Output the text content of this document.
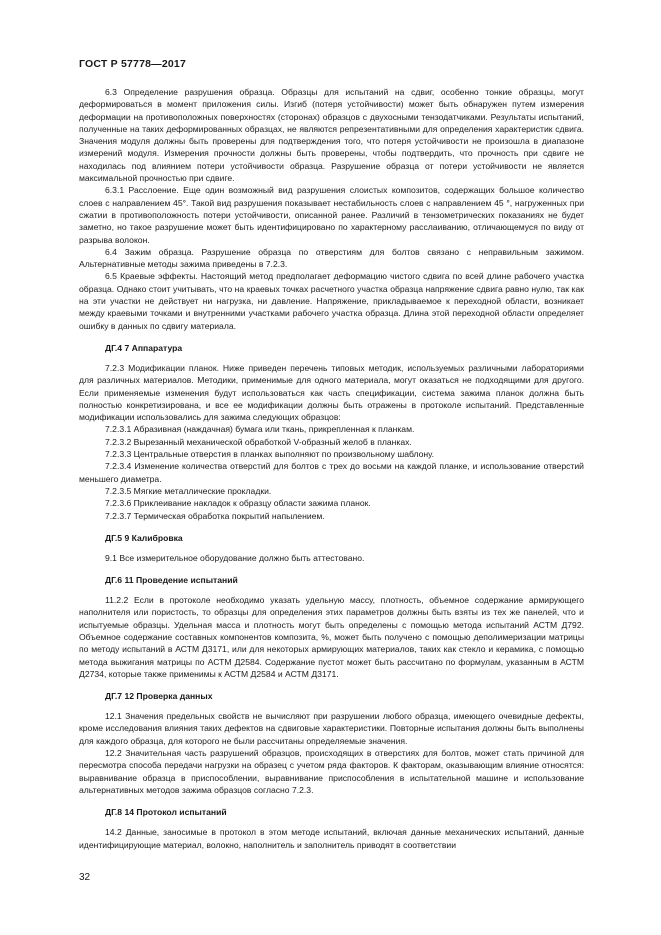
ГОСТ Р 57778—2017

6.3 Определение разрушения образца. Образцы для испытаний на сдвиг, особенно тонкие образцы, могут деформироваться в момент приложения силы. Изгиб (потеря устойчивости) может быть обнаружен путем измерения деформации на противоположных поверхностях (сторонах) образцов с двухосными тензодатчиками. Результаты испытаний, полученные на таких деформированных образцах, не являются репрезентативными для определения характеристик сдвига. Значения модуля должны быть проверены для подтверждения того, что потеря устойчивости не произошла в диапазоне измерений модуля. Измерения прочности должны быть проверены, чтобы подтвердить, что прочность при сдвиге не находилась под влиянием потери устойчивости образца. Разрушение образца от потери устойчивости не является максимальной прочностью при сдвиге.

6.3.1 Расслоение. Еще один возможный вид разрушения слоистых композитов, содержащих большое количество слоев с направлением 45°. Такой вид разрушения показывает нестабильность слоев с направлением 45 °, нагруженных при сжатии в противоположность потери устойчивости, описанной ранее. Различий в тензометрических показаниях не будет заметно, но такое разрушение может быть идентифицировано по характерному расслаиванию, отличающемуся по виду от разрыва волокон.

6.4 Зажим образца. Разрушение образца по отверстиям для болтов связано с неправильным зажимом. Альтернативные методы зажима приведены в 7.2.3.

6.5 Краевые эффекты. Настоящий метод предполагает деформацию чистого сдвига по всей длине рабочего участка образца. Однако стоит учитывать, что на краевых точках расчетного участка образца напряжение сдвига равно нулю, так как на эти участки не действует ни нагрузка, ни давление. Напряжение, прикладываемое к переходной области, возникает между краевыми точками и внутренними участками рабочего участка образца. Длина этой переходной области определяет ошибку в данных по сдвигу материала.

ДГ.4 7 Аппаратура

7.2.3 Модификации планок. Ниже приведен перечень типовых методик, используемых различными лабораториями для различных материалов. Методики, применимые для одного материала, могут оказаться не подходящими для другого. Если применяемые изменения будут использоваться как часть спецификации, система зажима планок должна быть полностью конкретизирована, и все ее модификации должны быть отражены в протоколе испытаний. Представленные модификации использовались для зажима следующих образцов:

7.2.3.1 Абразивная (наждачная) бумага или ткань, прикрепленная к планкам.

7.2.3.2 Вырезанный механической обработкой V-образный желоб в планках.

7.2.3.3 Центральные отверстия в планках выполняют по произвольному шаблону.

7.2.3.4 Изменение количества отверстий для болтов с трех до восьми на каждой планке, и использование отверстий меньшего диаметра.

7.2.3.5 Мягкие металлические прокладки.

7.2.3.6 Приклеивание накладок к образцу области зажима планок.

7.2.3.7 Термическая обработка покрытий напылением.

ДГ.5 9 Калибровка

9.1 Все измерительное оборудование должно быть аттестовано.

ДГ.6 11 Проведение испытаний

11.2.2 Если в протоколе необходимо указать удельную массу, плотность, объемное содержание армирующего наполнителя или пористость, то образцы для определения этих параметров должны быть взяты из тех же панелей, что и испытуемые образцы. Удельная масса и плотность могут быть определены с помощью метода испытаний АСТМ Д792. Объемное содержание составных компонентов композита, %, может быть получено с помощью деполимеризации матрицы по методу испытаний в АСТМ Д3171, или для некоторых армирующих материалов, таких как стекло и керамика, с помощью метода выжигания матрицы по АСТМ Д2584. Содержание пустот может быть рассчитано по формулам, указанным в АСТМ Д2734, которые также применимы к АСТМ Д2584 и АСТМ Д3171.

ДГ.7 12 Проверка данных

12.1 Значения предельных свойств не вычисляют при разрушении любого образца, имеющего очевидные дефекты, кроме исследования влияния таких дефектов на сдвиговые характеристики. Повторные испытания должны быть выполнены для каждого образца, для которого не были рассчитаны определяемые значения.

12.2 Значительная часть разрушений образцов, происходящих в отверстиях для болтов, может стать причиной для пересмотра способа передачи нагрузки на образец с учетом ряда факторов. К факторам, оказывающим влияние относятся: выравнивание образца в приспособлении, выравнивание приспособления в испытательной машине и использование альтернативных методов зажима образцов согласно 7.2.3.

ДГ.8 14 Протокол испытаний

14.2 Данные, заносимые в протокол в этом методе испытаний, включая данные механических испытаний, данные идентифицирующие материал, волокно, наполнитель и заполнитель приводят в соответствии

32
